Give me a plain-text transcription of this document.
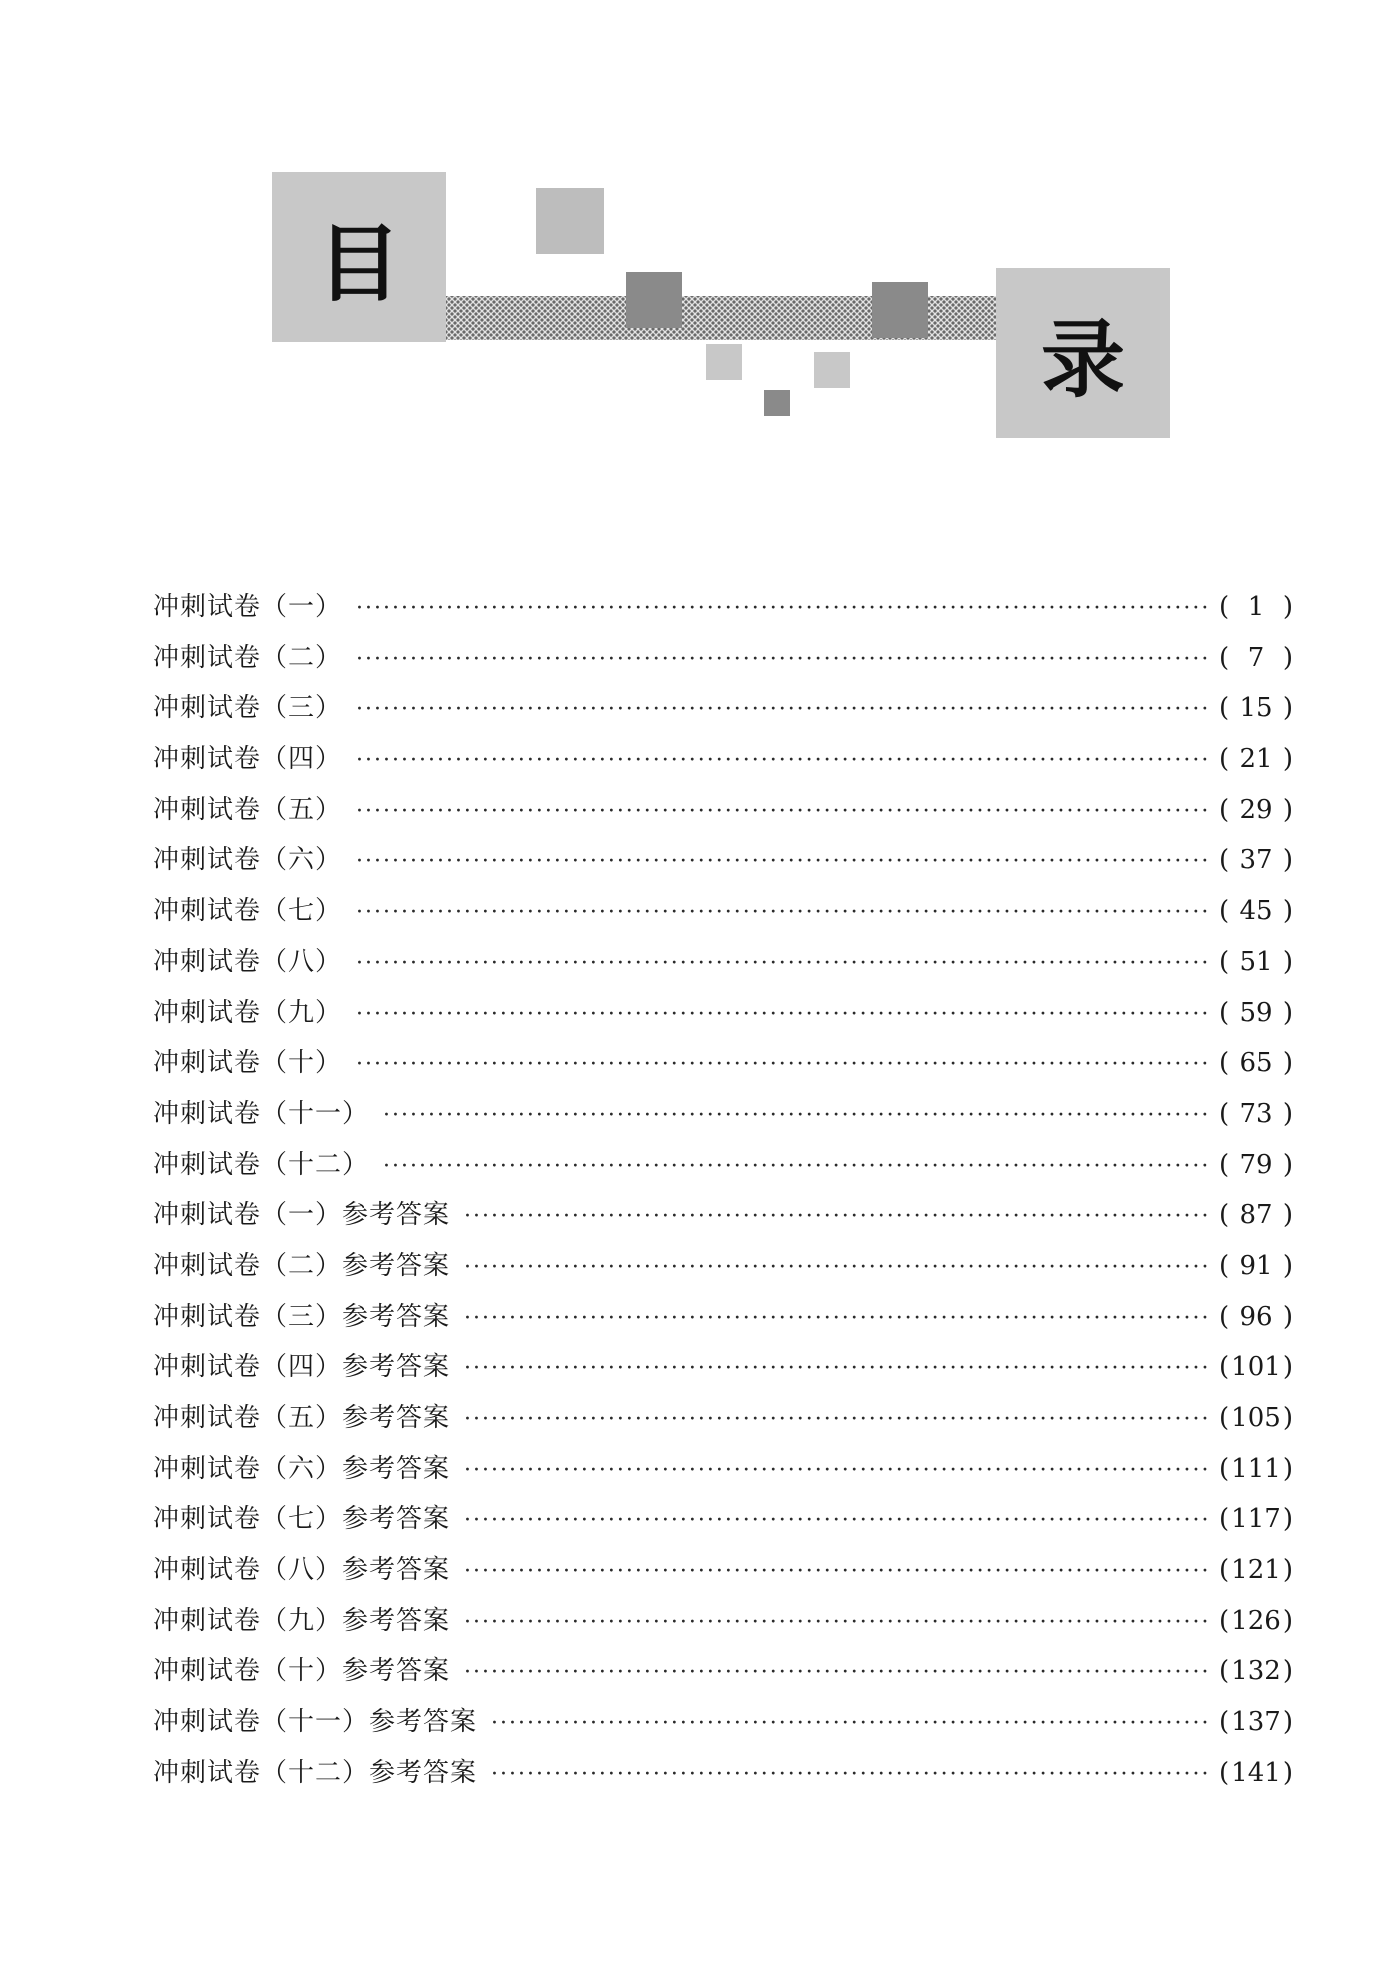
目
录
冲刺试卷（一） ·····	( 1 )
冲刺试卷（二） ·····	( 7 )
冲刺试卷（三） ·····	( 15 )
冲刺试卷（四） ·····	( 21 )
冲刺试卷（五） ·····	( 29 )
冲刺试卷（六） ·····	( 37 )
冲刺试卷（七） ·····	( 45 )
冲刺试卷（八） ·····	( 51 )
冲刺试卷（九） ·····	( 59 )
冲刺试卷（十） ·····	( 65 )
冲刺试卷（十一） ·····	( 73 )
冲刺试卷（十二） ·····	( 79 )
冲刺试卷（一）参考答案 ·····	( 87 )
冲刺试卷（二）参考答案 ·····	( 91 )
冲刺试卷（三）参考答案 ·····	( 96 )
冲刺试卷（四）参考答案 ·····	( 101 )
冲刺试卷（五）参考答案 ·····	( 105 )
冲刺试卷（六）参考答案 ·····	( 111 )
冲刺试卷（七）参考答案 ·····	( 117 )
冲刺试卷（八）参考答案 ·····	( 121 )
冲刺试卷（九）参考答案 ·····	( 126 )
冲刺试卷（十）参考答案 ·····	( 132 )
冲刺试卷（十一）参考答案 ·····	( 137 )
冲刺试卷（十二）参考答案 ·····	( 141 )
